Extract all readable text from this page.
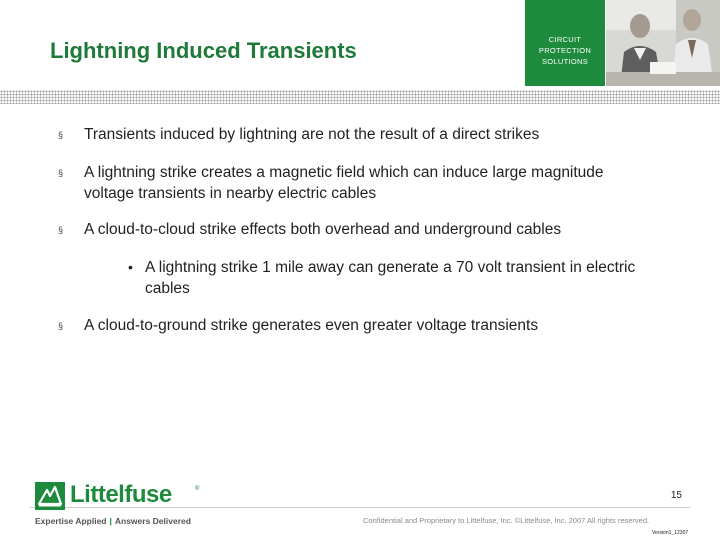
Lightning Induced Transients	CIRCUIT
PROTECTION
SOLUTIONS
§ Transients induced by lightning are not the result of a direct strikes
§ A lightning strike creates a magnetic field which can induce large magnitude voltage transients in nearby electric cables
§ A cloud-to-cloud strike effects both overhead and underground cables
• A lightning strike 1 mile away can generate a 70 volt transient in electric cables
§ A cloud-to-ground strike generates even greater voltage transients
15
Littelfuse	®
Expertise Applied | Answers Delivered	Confidential and Proprietary to Littelfuse, Inc. ©Littelfuse, Inc. 2007 All rights reserved.
Version1_12307
